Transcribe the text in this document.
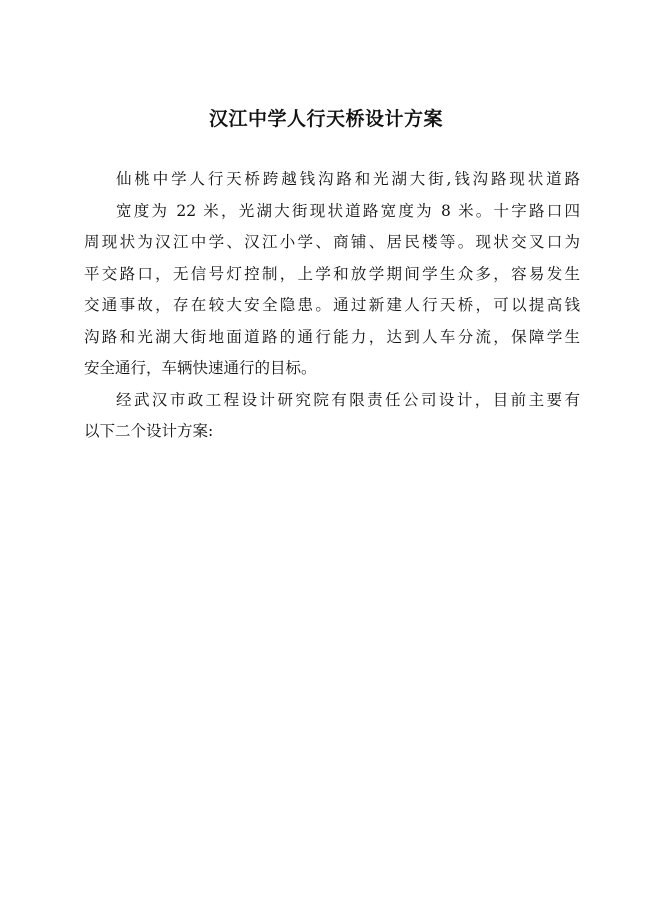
汉江中学人行天桥设计方案
仙桃中学人行天桥跨越钱沟路和光湖大街,钱沟路现状道路
宽度为 22 米，光湖大街现状道路宽度为 8 米。十字路口四
周现状为汉江中学、汉江小学、商铺、居民楼等。现状交叉口为
平交路口，无信号灯控制，上学和放学期间学生众多，容易发生
交通事故，存在较大安全隐患。通过新建人行天桥，可以提高钱
沟路和光湖大街地面道路的通行能力，达到人车分流，保障学生
安全通行，车辆快速通行的目标。
经武汉市政工程设计研究院有限责任公司设计，目前主要有
以下二个设计方案:
